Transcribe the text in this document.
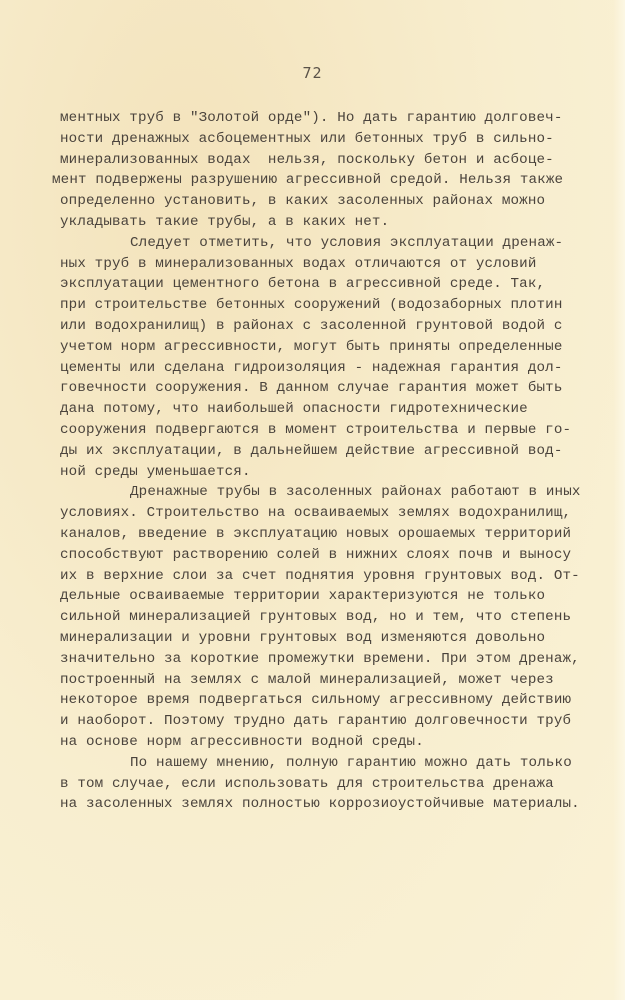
72
ментных труб в "Золотой орде"). Но дать гарантию долговеч-
ности дренажных асбоцементных или бетонных труб в сильно-
минерализованных водах  нельзя, поскольку бетон и асбоце-
мент подвержены разрушению агрессивной средой. Нельзя также
определенно установить, в каких засоленных районах можно
укладывать такие трубы, а в каких нет.
Следует отметить, что условия эксплуатации дренаж-
ных труб в минерализованных водах отличаются от условий
эксплуатации цементного бетона в агрессивной среде. Так,
при строительстве бетонных сооружений (водозаборных плотин
или водохранилищ) в районах с засоленной грунтовой водой с
учетом норм агрессивности, могут быть приняты определенные
цементы или сделана гидроизоляция - надежная гарантия дол-
говечности сооружения. В данном случае гарантия может быть
дана потому, что наибольшей опасности гидротехнические
сооружения подвергаются в момент строительства и первые го-
ды их эксплуатации, в дальнейшем действие агрессивной вод-
ной среды уменьшается.
Дренажные трубы в засоленных районах работают в иных
условиях. Строительство на осваиваемых землях водохранилищ,
каналов, введение в эксплуатацию новых орошаемых территорий
способствуют растворению солей в нижних слоях почв и выносу
их в верхние слои за счет поднятия уровня грунтовых вод. От-
дельные осваиваемые территории характеризуются не только
сильной минерализацией грунтовых вод, но и тем, что степень
минерализации и уровни грунтовых вод изменяются довольно
значительно за короткие промежутки времени. При этом дренаж,
построенный на землях с малой минерализацией, может через
некоторое время подвергаться сильному агрессивному действию
и наоборот. Поэтому трудно дать гарантию долговечности труб
на основе норм агрессивности водной среды.
По нашему мнению, полную гарантию можно дать только
в том случае, если использовать для строительства дренажа
на засоленных землях полностью коррозиоустойчивые материалы.
